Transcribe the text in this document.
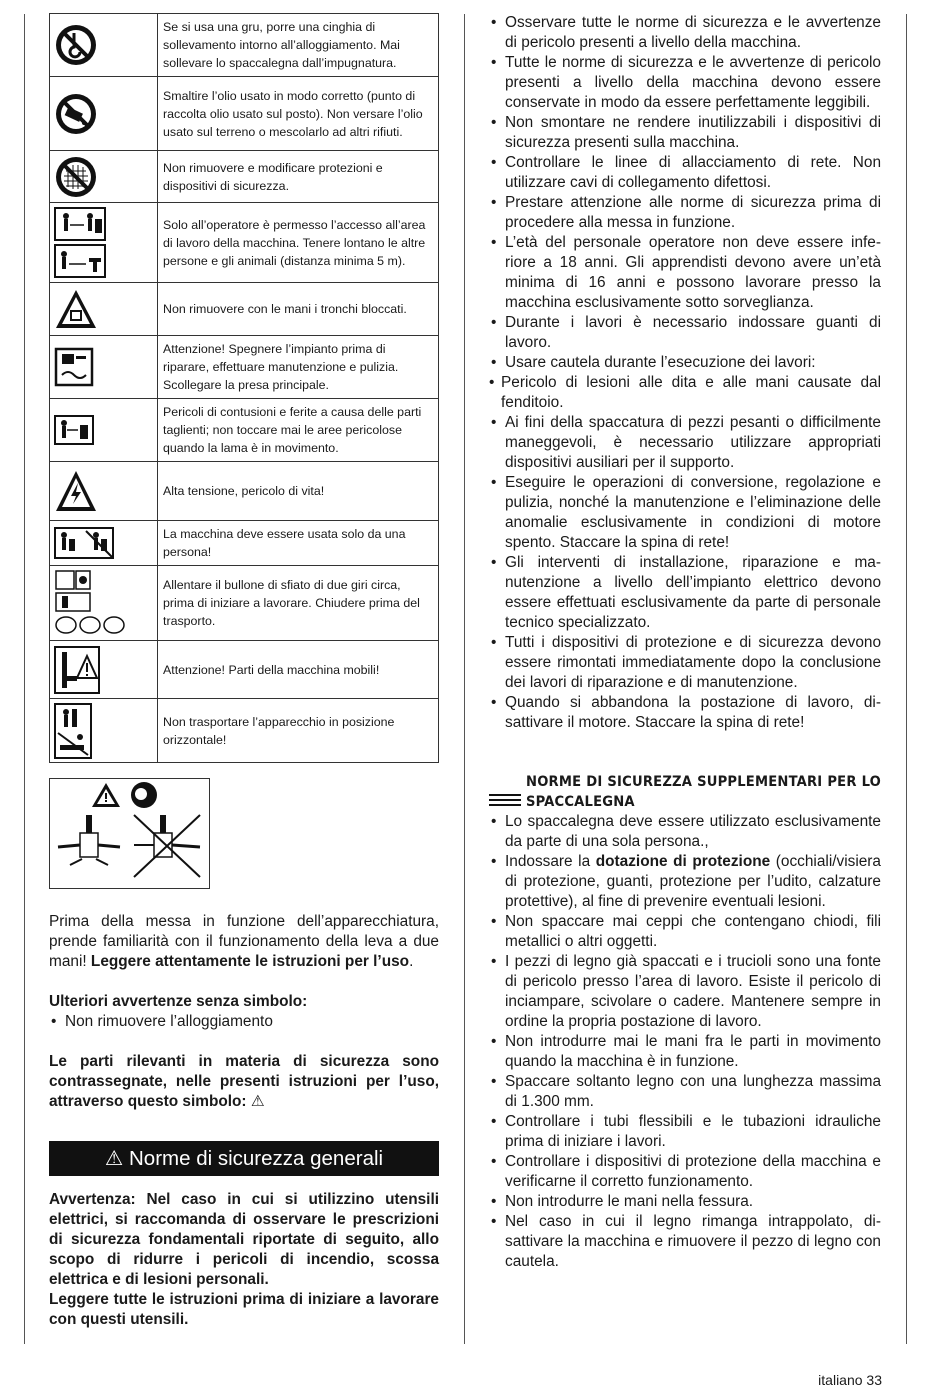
	Se si usa una gru, porre una cinghia di sollevamento intorno all’alloggiamento. Mai sollevare lo spaccalegna dall’impugnatura.

	Smaltire l’olio usato in modo corretto (punto di raccolta olio usato sul posto). Non versare l’olio usato sul terreno o mescolarlo ad altri rifiuti.

	Non rimuovere e modificare protezioni e dispositivi di sicurezza.

	Solo all’operatore è permesso l’accesso all’area di lavoro della macchina. Tenere lontano le altre persone e gli animali (distanza minima 5 m).

	Non rimuovere con le mani i tronchi bloccati.

	Attenzione! Spegnere l’impianto prima di riparare, effettuare manutenzione e pulizia. Scollegare la presa principale.

	Pericoli di contusioni e ferite a causa delle parti taglienti; non toccare mai le aree pericolose quando la lama è in movimento.

	Alta tensione, pericolo di vita!

	La macchina deve essere usata solo da una persona!

	Allentare il bullone di sfiato di due giri circa, prima di iniziare a lavorare. Chiudere prima del trasporto.

	Attenzione! Parti della macchina mobili!

	Non trasportare l’apparecchio in posizione orizzontale!

Prima della messa in funzione dell’apparecchiatura, prende familiarità con il funzionamento della leva a due mani! Leggere attentamente le istruzioni per l’uso.

Ulteriori avvertenze senza simbolo:

• Non rimuovere l’alloggiamento

Le parti rilevanti in materia di sicurezza sono contrassegnate, nelle presenti istruzioni per l’uso, attraverso questo simbolo: ⚠

⚠ Norme di sicurezza generali

Avvertenza: Nel caso in cui si utilizzino utensili elettrici, si raccomanda di osservare le prescrizioni di sicurezza fondamentali riportate di seguito, allo scopo di ridurre i pericoli di incendio, scossa elettrica e di lesioni personali.

Leggere tutte le istruzioni prima di iniziare a lavorare con questi utensili.

• Osservare tutte le norme di sicurezza e le avvertenze di pericolo presenti a livello della macchina.
• Tutte le norme di sicurezza e le avvertenze di pericolo presenti a livello della macchina devono essere conservate in modo da essere perfettamente leggibili.
• Non smontare ne rendere inutilizzabili i dispositivi di sicurezza presenti sulla macchina.
• Controllare le linee di allacciamento di rete. Non utilizzare cavi di collegamento difettosi.
• Prestare attenzione alle norme di sicurezza prima di procedere alla messa in funzione.
• L’età del personale operatore non deve essere inferiore a 18 anni. Gli apprendisti devono avere un’età minima di 16 anni e possono lavorare presso la macchina esclusivamente sotto sorveglianza.
• Durante i lavori è necessario indossare guanti di lavoro.
• Usare cautela durante l’esecuzione dei lavori:
• Pericolo di lesioni alle dita e alle mani causate dal fenditoio.
• Ai fini della spaccatura di pezzi pesanti o difficilmente maneggevoli, è necessario utilizzare appropriati dispositivi ausiliari per il supporto.
• Eseguire le operazioni di conversione, regolazione e pulizia, nonché la manutenzione e l’eliminazione delle anomalie esclusivamente in condizioni di motore spento. Staccare la spina di rete!
• Gli interventi di installazione, riparazione e manutenzione a livello dell’impianto elettrico devono essere effettuati esclusivamente da parte di personale tecnico specializzato.
• Tutti i dispositivi di protezione e di sicurezza devono essere rimontati immediatamente dopo la conclusione dei lavori di riparazione e di manutenzione.
• Quando si abbandona la postazione di lavoro, disattivare il motore. Staccare la spina di rete!
NORME DI SICUREZZA SUPPLEMENTARI PER LO SPACCALEGNA
• Lo spaccalegna deve essere utilizzato esclusivamente da parte di una sola persona.,
• Indossare la dotazione di protezione (occhiali/visiera di protezione, guanti, protezione per l’udito, calzature protettive), al fine di prevenire eventuali lesioni.
• Non spaccare mai ceppi che contengano chiodi, fili metallici o altri oggetti.
• I pezzi di legno già spaccati e i trucioli sono una fonte di pericolo presso l’area di lavoro. Esiste il pericolo di inciampare, scivolare o cadere. Mantenere sempre in ordine la propria postazione di lavoro.
• Non introdurre mai le mani fra le parti in movimento quando la macchina è in funzione.
• Spaccare soltanto legno con una lunghezza massima di 1.300 mm.
• Controllare i tubi flessibili e le tubazioni idrauliche prima di iniziare i lavori.
• Controllare i dispositivi di protezione della macchina e verificarne il corretto funzionamento.
• Non introdurre le mani nella fessura.
• Nel caso in cui il legno rimanga intrappolato, disattivare la macchina e rimuovere il pezzo di legno con cautela.
italiano 33
